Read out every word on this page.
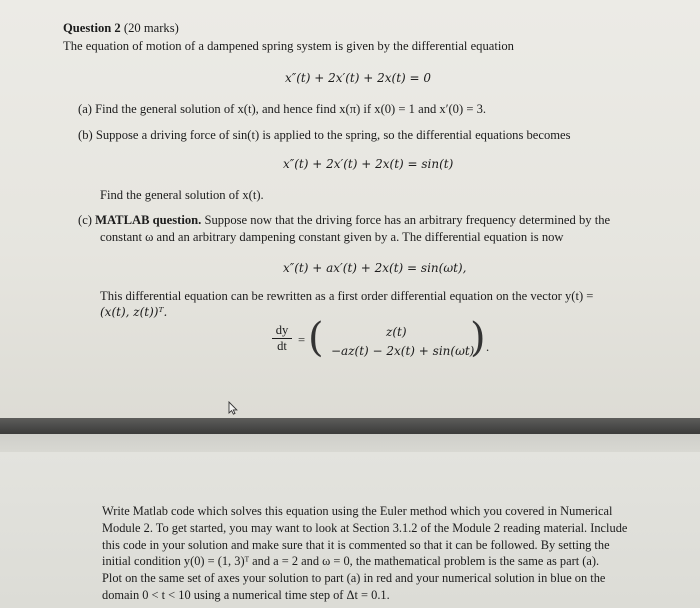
Question 2 (20 marks)
The equation of motion of a dampened spring system is given by the differential equation
x″(t) + 2x′(t) + 2x(t) = 0
(a) Find the general solution of x(t), and hence find x(π) if x(0) = 1 and x′(0) = 3.
(b) Suppose a driving force of sin(t) is applied to the spring, so the differential equations becomes
x″(t) + 2x′(t) + 2x(t) = sin(t)
Find the general solution of x(t).
(c) MATLAB question. Suppose now that the driving force has an arbitrary frequency determined by the
constant ω and an arbitrary dampening constant given by a. The differential equation is now
x″(t) + ax′(t) + 2x(t) = sin(ωt),
This differential equation can be rewritten as a first order differential equation on the vector y(t) =
(x(t), z(t))ᵀ.
$\frac{dy}{dt}$ = (	z(t)
−az(t) − 2x(t) + sin(ωt)
) .
Write Matlab code which solves this equation using the Euler method which you covered in Numerical
Module 2. To get started, you may want to look at Section 3.1.2 of the Module 2 reading material. Include
this code in your solution and make sure that it is commented so that it can be followed. By setting the
initial condition y(0) = (1, 3)ᵀ and a = 2 and ω = 0, the mathematical problem is the same as part (a).
Plot on the same set of axes your solution to part (a) in red and your numerical solution in blue on the
domain 0 < t < 10 using a numerical time step of Δt = 0.1.
